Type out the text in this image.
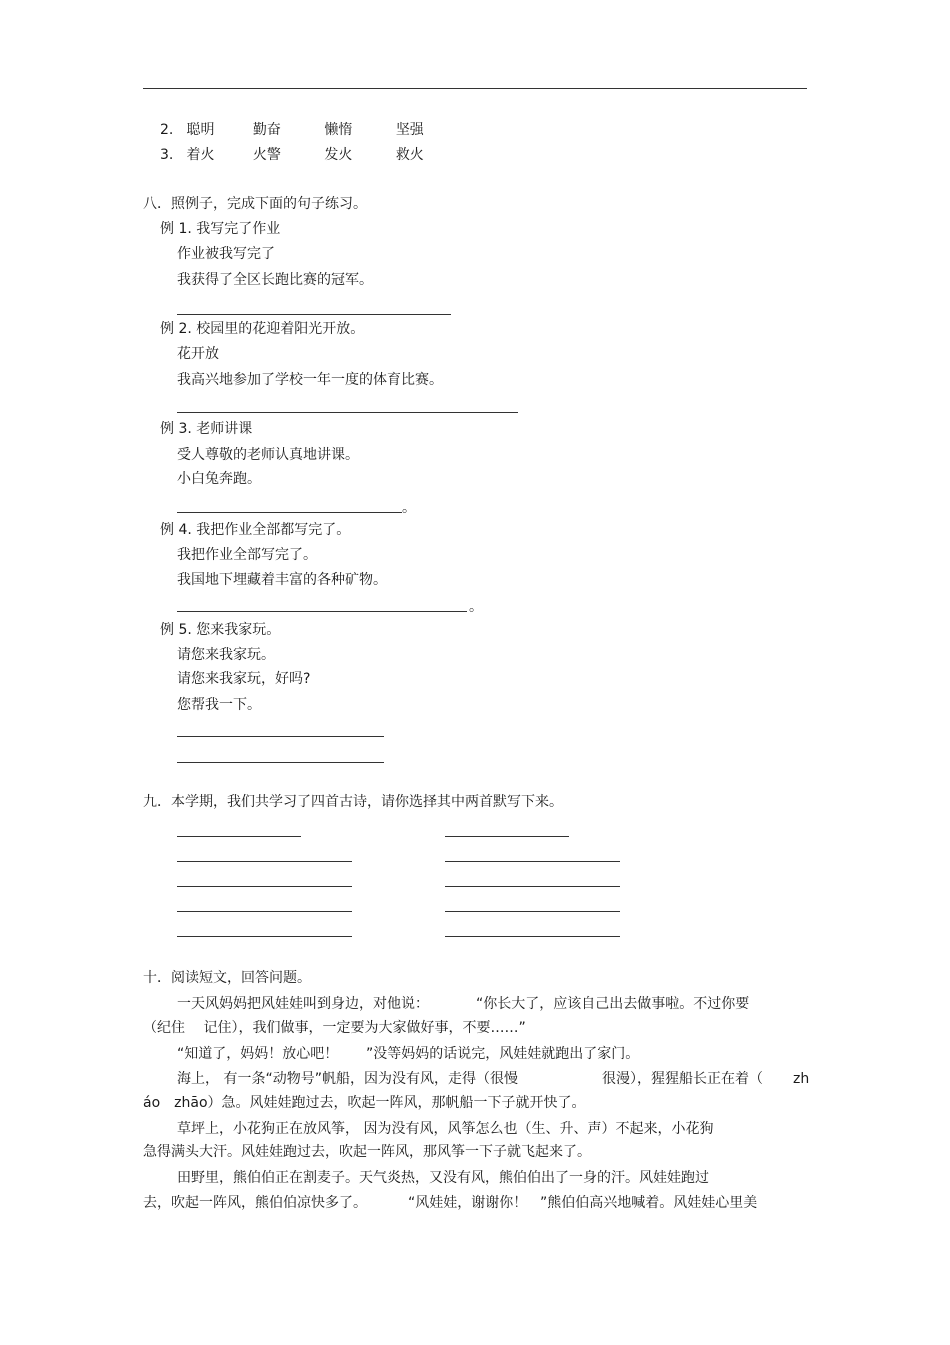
2. 聪明	勤奋	懒惰	坚强
3. 着火	火警	发火	救火
八．照例子，完成下面的句子练习。
例 1. 我写完了作业
作业被我写完了
我获得了全区长跑比赛的冠军。
例 2. 校园里的花迎着阳光开放。
花开放
我高兴地参加了学校一年一度的体育比赛。
例 3. 老师讲课
受人尊敬的老师认真地讲课。
小白兔奔跑。
。
例 4. 我把作业全部都写完了。
我把作业全部写完了。
我国地下埋藏着丰富的各种矿物。
。
例 5. 您来我家玩。
请您来我家玩。
请您来我家玩，好吗?
您帮我一下。
九．本学期，我们共学习了四首古诗，请你选择其中两首默写下来。
十．阅读短文，回答问题。
一天风妈妈把风娃娃叫到身边，对他说：	“你长大了，应该自己出去做事啦。不过你要
（纪住　 记住），我们做事，一定要为大家做好事，不要……”
“知道了，妈妈！放心吧！ ”没等妈妈的话说完，风娃娃就跑出了家门。
海上， 有一条“动物号”帆船，因为没有风，走得（很慢	很漫），猩猩船长正在着（ zh
áo　zhāo）急。风娃娃跑过去，吹起一阵风，那帆船一下子就开快了。
草坪上，小花狗正在放风筝， 因为没有风，风筝怎么也（生、升、声）不起来，小花狗
急得满头大汗。风娃娃跑过去，吹起一阵风，那风筝一下子就飞起来了。
田野里，熊伯伯正在割麦子。天气炎热，又没有风，熊伯伯出了一身的汗。风娃娃跑过
去，吹起一阵风，熊伯伯凉快多了。	“风娃娃，谢谢你！ ”熊伯伯高兴地喊着。风娃娃心里美
